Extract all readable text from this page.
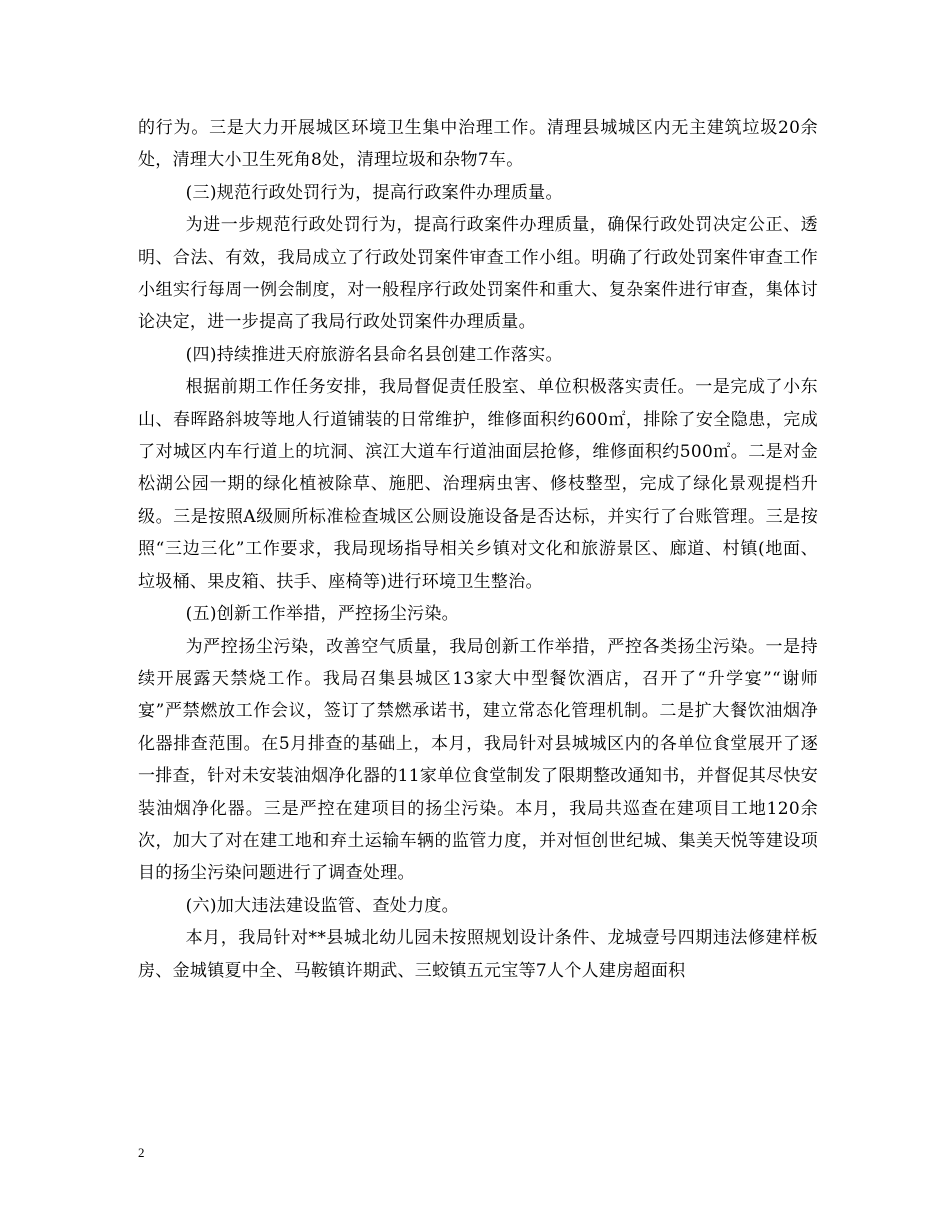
的行为。三是大力开展城区环境卫生集中治理工作。清理县城城区内无主建筑垃圾20余处，清理大小卫生死角8处，清理垃圾和杂物7车。

(三)规范行政处罚行为，提高行政案件办理质量。

为进一步规范行政处罚行为，提高行政案件办理质量，确保行政处罚决定公正、透明、合法、有效，我局成立了行政处罚案件审查工作小组。明确了行政处罚案件审查工作小组实行每周一例会制度，对一般程序行政处罚案件和重大、复杂案件进行审查，集体讨论决定，进一步提高了我局行政处罚案件办理质量。

(四)持续推进天府旅游名县命名县创建工作落实。

根据前期工作任务安排，我局督促责任股室、单位积极落实责任。一是完成了小东山、春晖路斜坡等地人行道铺装的日常维护，维修面积约600㎡，排除了安全隐患，完成了对城区内车行道上的坑洞、滨江大道车行道油面层抢修，维修面积约500㎡。二是对金松湖公园一期的绿化植被除草、施肥、治理病虫害、修枝整型，完成了绿化景观提档升级。三是按照A级厕所标准检查城区公厕设施设备是否达标，并实行了台账管理。三是按照“三边三化”工作要求，我局现场指导相关乡镇对文化和旅游景区、廊道、村镇(地面、垃圾桶、果皮箱、扶手、座椅等)进行环境卫生整治。

(五)创新工作举措，严控扬尘污染。

为严控扬尘污染，改善空气质量，我局创新工作举措，严控各类扬尘污染。一是持续开展露天禁烧工作。我局召集县城区13家大中型餐饮酒店，召开了“升学宴”“谢师宴”严禁燃放工作会议，签订了禁燃承诺书，建立常态化管理机制。二是扩大餐饮油烟净化器排查范围。在5月排查的基础上，本月，我局针对县城城区内的各单位食堂展开了逐一排查，针对未安装油烟净化器的11家单位食堂制发了限期整改通知书，并督促其尽快安装油烟净化器。三是严控在建项目的扬尘污染。本月，我局共巡查在建项目工地120余次，加大了对在建工地和弃土运输车辆的监管力度，并对恒创世纪城、集美天悦等建设项目的扬尘污染问题进行了调查处理。

(六)加大违法建设监管、查处力度。

本月，我局针对**县城北幼儿园未按照规划设计条件、龙城壹号四期违法修建样板房、金城镇夏中全、马鞍镇许期武、三蛟镇五元宝等7人个人建房超面积

2
